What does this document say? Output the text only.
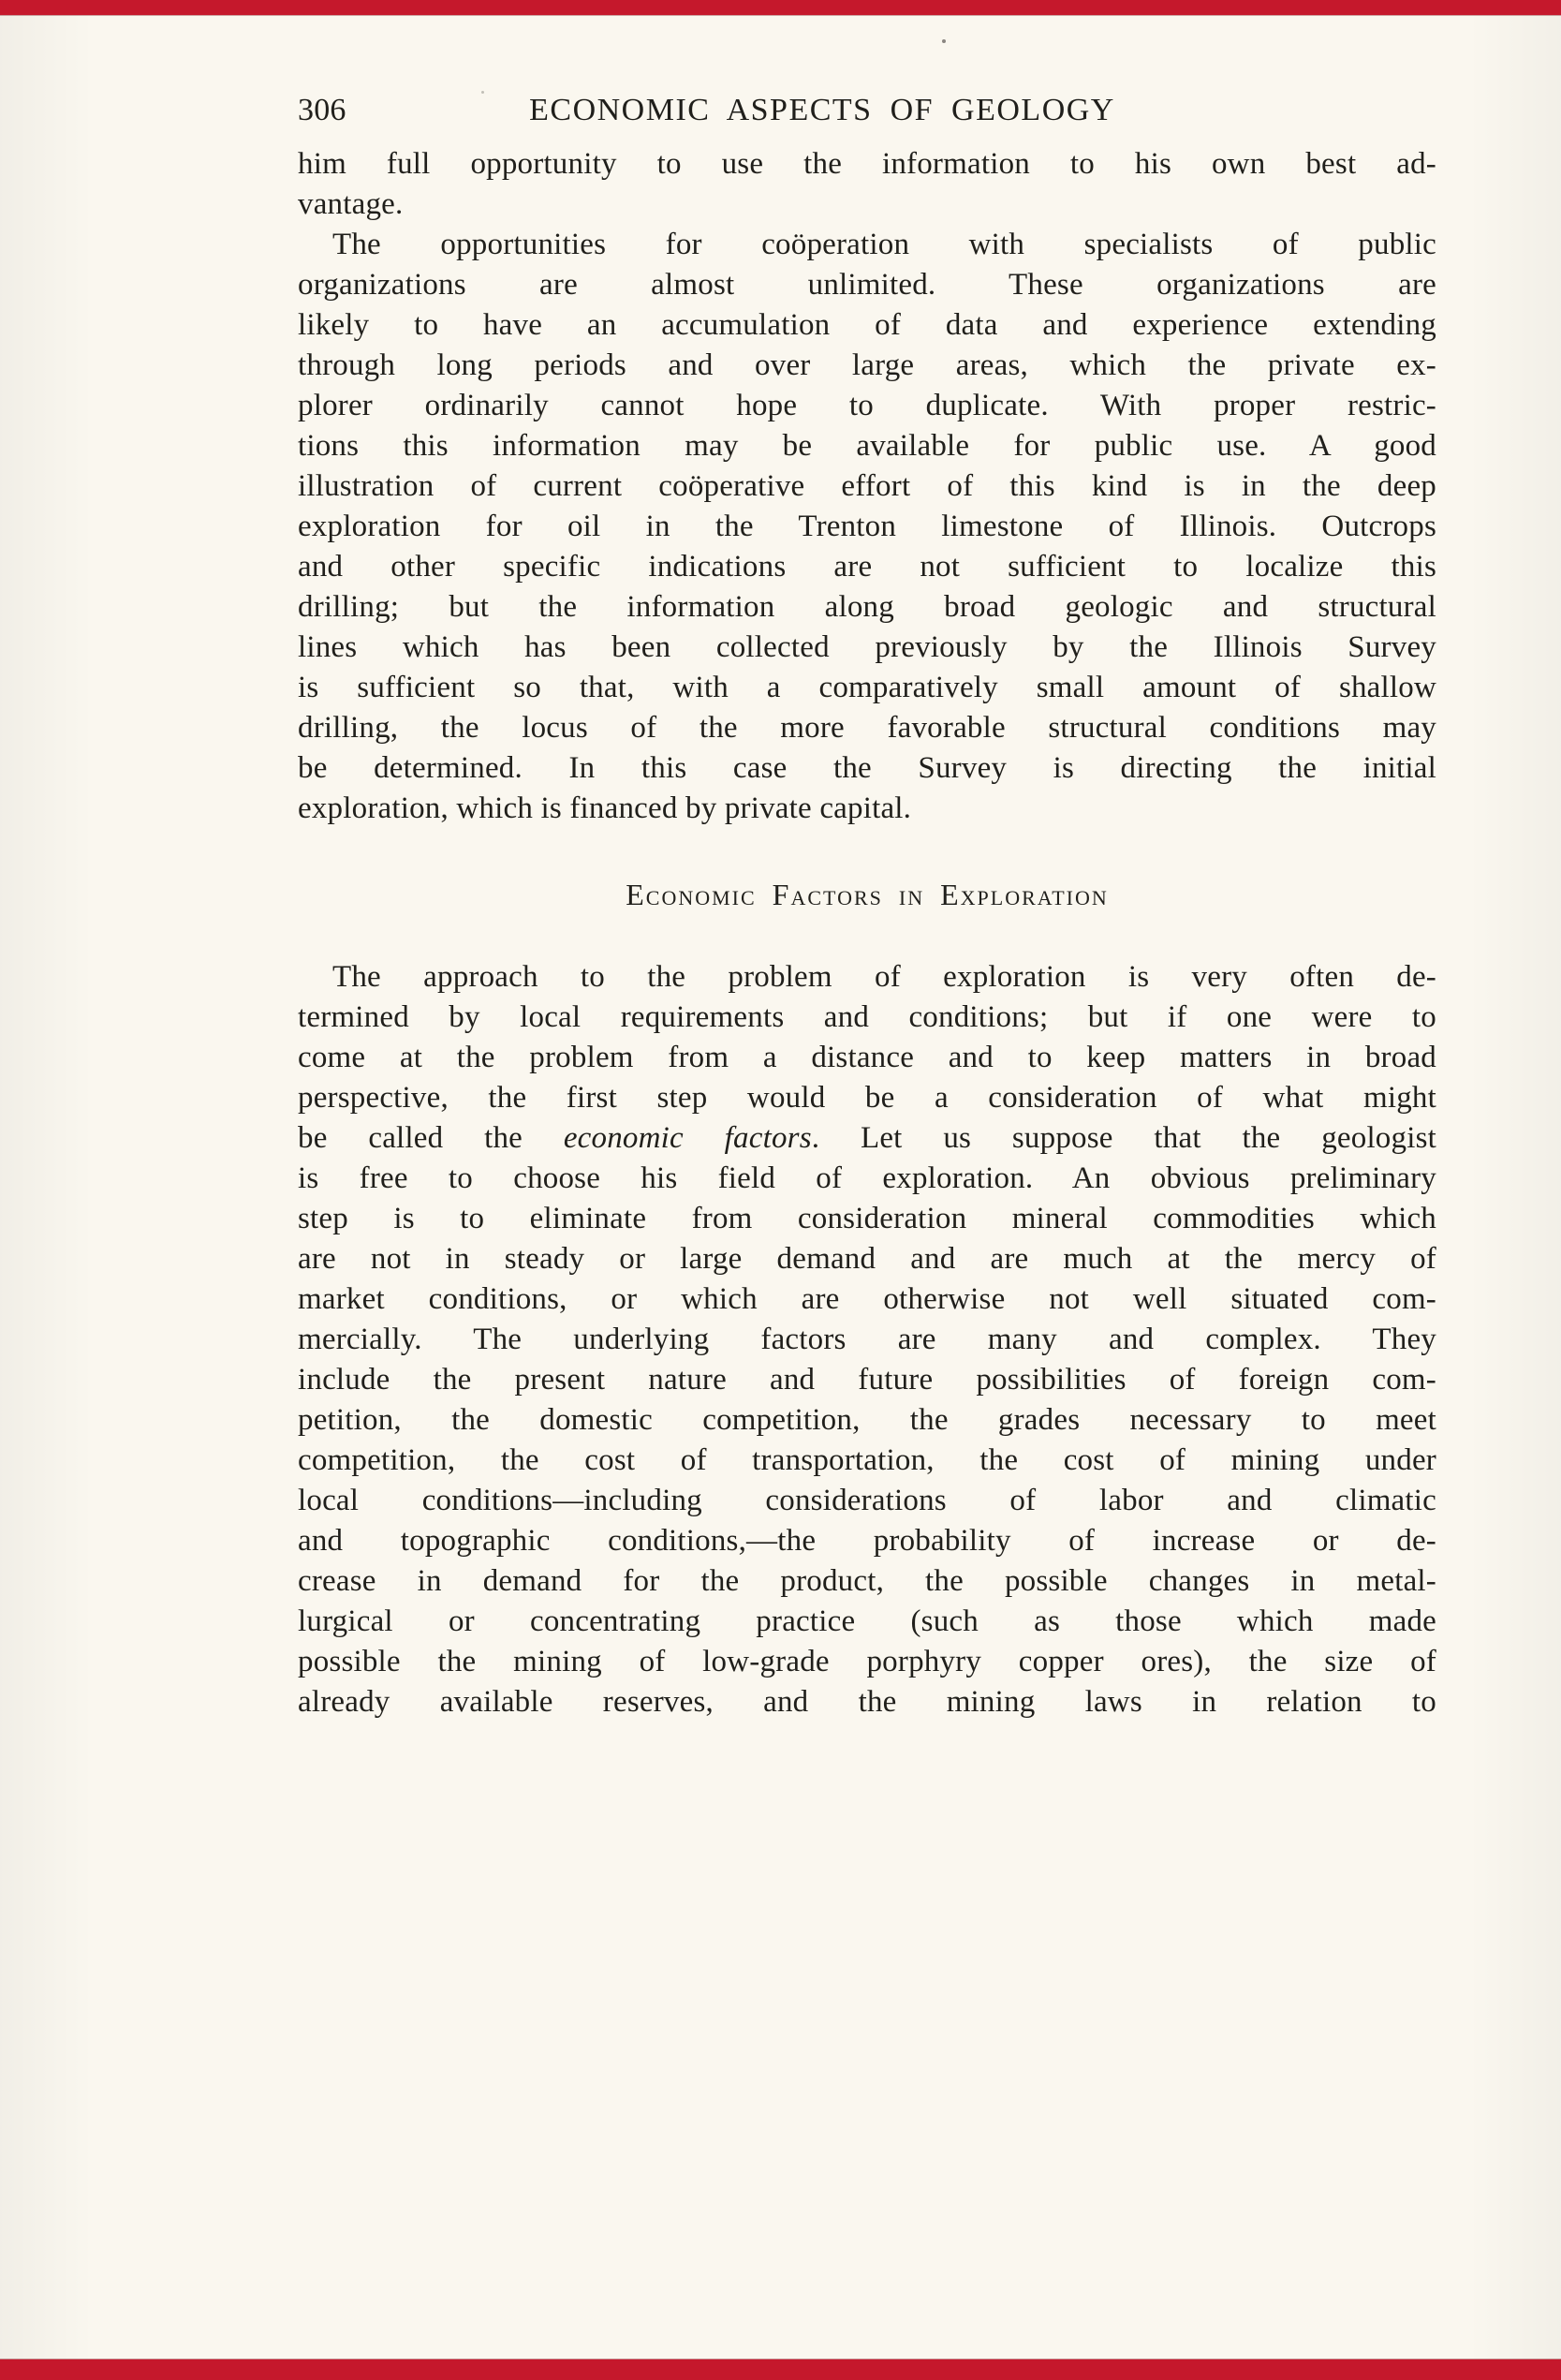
306	ECONOMIC ASPECTS OF GEOLOGY
him full opportunity to use the information to his own best ad-
vantage.
The opportunities for coöperation with specialists of public
organizations are almost unlimited. These organizations are
likely to have an accumulation of data and experience extending
through long periods and over large areas, which the private ex-
plorer ordinarily cannot hope to duplicate. With proper restric-
tions this information may be available for public use. A good
illustration of current coöperative effort of this kind is in the deep
exploration for oil in the Trenton limestone of Illinois. Outcrops
and other specific indications are not sufficient to localize this
drilling; but the information along broad geologic and structural
lines which has been collected previously by the Illinois Survey
is sufficient so that, with a comparatively small amount of shallow
drilling, the locus of the more favorable structural conditions may
be determined. In this case the Survey is directing the initial
exploration, which is financed by private capital.
Economic Factors in Exploration
The approach to the problem of exploration is very often de-
termined by local requirements and conditions; but if one were to
come at the problem from a distance and to keep matters in broad
perspective, the first step would be a consideration of what might
be called the economic factors. Let us suppose that the geologist
is free to choose his field of exploration. An obvious preliminary
step is to eliminate from consideration mineral commodities which
are not in steady or large demand and are much at the mercy of
market conditions, or which are otherwise not well situated com-
mercially. The underlying factors are many and complex. They
include the present nature and future possibilities of foreign com-
petition, the domestic competition, the grades necessary to meet
competition, the cost of transportation, the cost of mining under
local conditions—including considerations of labor and climatic
and topographic conditions,—the probability of increase or de-
crease in demand for the product, the possible changes in metal-
lurgical or concentrating practice (such as those which made
possible the mining of low-grade porphyry copper ores), the size of
already available reserves, and the mining laws in relation to
